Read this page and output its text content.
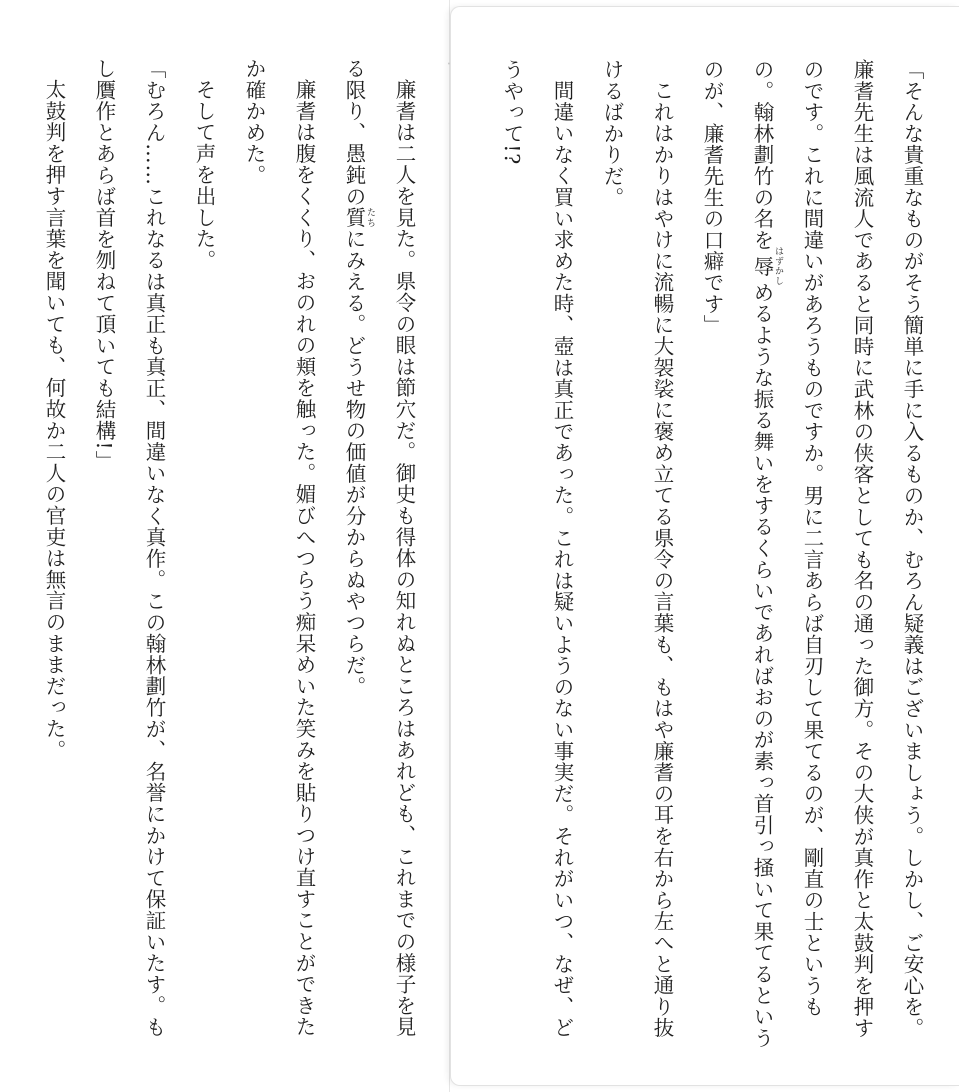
廉耆は二人を見た。県令の眼は節穴だ。御史も得体の知れぬところはあれども、これまでの様子を見る限り、愚鈍の質 たちにみえる。どうせ物の価値が分からぬやつらだ。
廉耆は腹をくくり、おのれの頬を触った。媚びへつらう痴呆めいた笑みを貼りつけ直すことができたか確かめた。
そして声を出した。
「むろん……これなるは真正も真正、間違いなく真作。この翰林劃竹が、名誉にかけて保証いたす。もし贋作とあらば首を刎ねて頂いても結構!」
太鼓判を押す言葉を聞いても、何故か二人の官吏は無言のままだった。	「そんな貴重なものがそう簡単に手に入るものか、むろん疑義はございましょう。しかし、ご安心を。廉耆先生は風流人であると同時に武林の侠客としても名の通った御方。その大侠が真作と太鼓判を押すのです。これに間違いがあろうものですか。男に二言あらば自刃して果てるのが、剛直の士というもの。翰林劃竹の名を辱 はずかしめるような振る舞いをするくらいであればおのが素っ首引っ掻いて果てるというのが、廉耆先生の口癖です」
これはかりはやけに流暢に大袈裟に褒め立てる県令の言葉も、もはや廉耆の耳を右から左へと通り抜けるばかりだ。
間違いなく買い求めた時、壺は真正であった。これは疑いようのない事実だ。それがいつ、なぜ、どうやって!?
・
